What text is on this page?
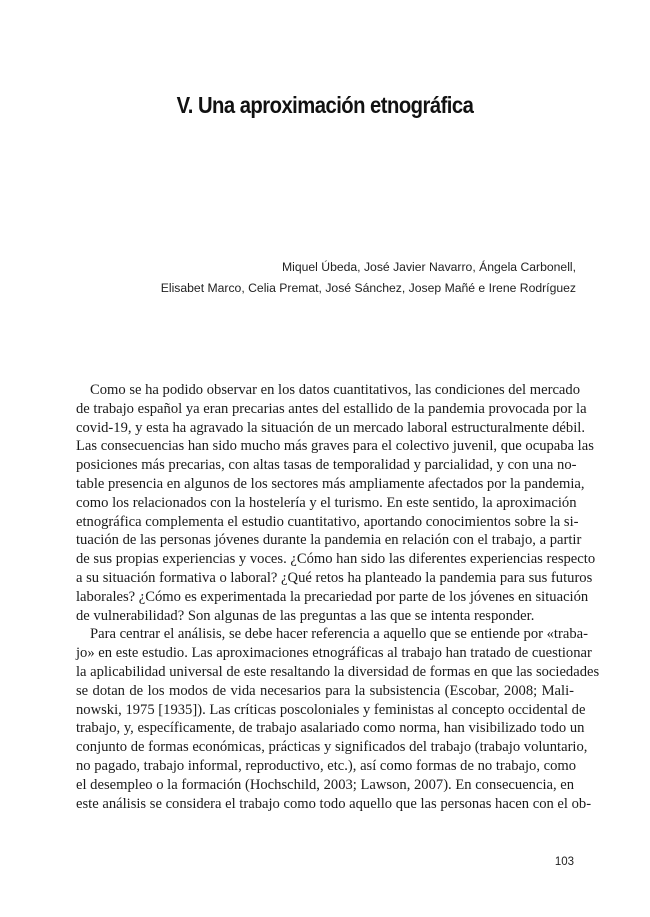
V. Una aproximación etnográfica
Miquel Úbeda, José Javier Navarro, Ángela Carbonell,
Elisabet Marco, Celia Premat, José Sánchez, Josep Mañé e Irene Rodríguez
Como se ha podido observar en los datos cuantitativos, las condiciones del mercado
de trabajo español ya eran precarias antes del estallido de la pandemia provocada por la
covid-19, y esta ha agravado la situación de un mercado laboral estructuralmente débil.
Las consecuencias han sido mucho más graves para el colectivo juvenil, que ocupaba las
posiciones más precarias, con altas tasas de temporalidad y parcialidad, y con una no-
table presencia en algunos de los sectores más ampliamente afectados por la pandemia,
como los relacionados con la hostelería y el turismo. En este sentido, la aproximación
etnográfica complementa el estudio cuantitativo, aportando conocimientos sobre la si-
tuación de las personas jóvenes durante la pandemia en relación con el trabajo, a partir
de sus propias experiencias y voces. ¿Cómo han sido las diferentes experiencias respecto
a su situación formativa o laboral? ¿Qué retos ha planteado la pandemia para sus futuros
laborales? ¿Cómo es experimentada la precariedad por parte de los jóvenes en situación
de vulnerabilidad? Son algunas de las preguntas a las que se intenta responder.
Para centrar el análisis, se debe hacer referencia a aquello que se entiende por «traba-
jo» en este estudio. Las aproximaciones etnográficas al trabajo han tratado de cuestionar
la aplicabilidad universal de este resaltando la diversidad de formas en que las sociedades
se dotan de los modos de vida necesarios para la subsistencia (Escobar, 2008; Mali-
nowski, 1975 [1935]). Las críticas poscoloniales y feministas al concepto occidental de
trabajo, y, específicamente, de trabajo asalariado como norma, han visibilizado todo un
conjunto de formas económicas, prácticas y significados del trabajo (trabajo voluntario,
no pagado, trabajo informal, reproductivo, etc.), así como formas de no trabajo, como
el desempleo o la formación (Hochschild, 2003; Lawson, 2007). En consecuencia, en
este análisis se considera el trabajo como todo aquello que las personas hacen con el ob-
103
